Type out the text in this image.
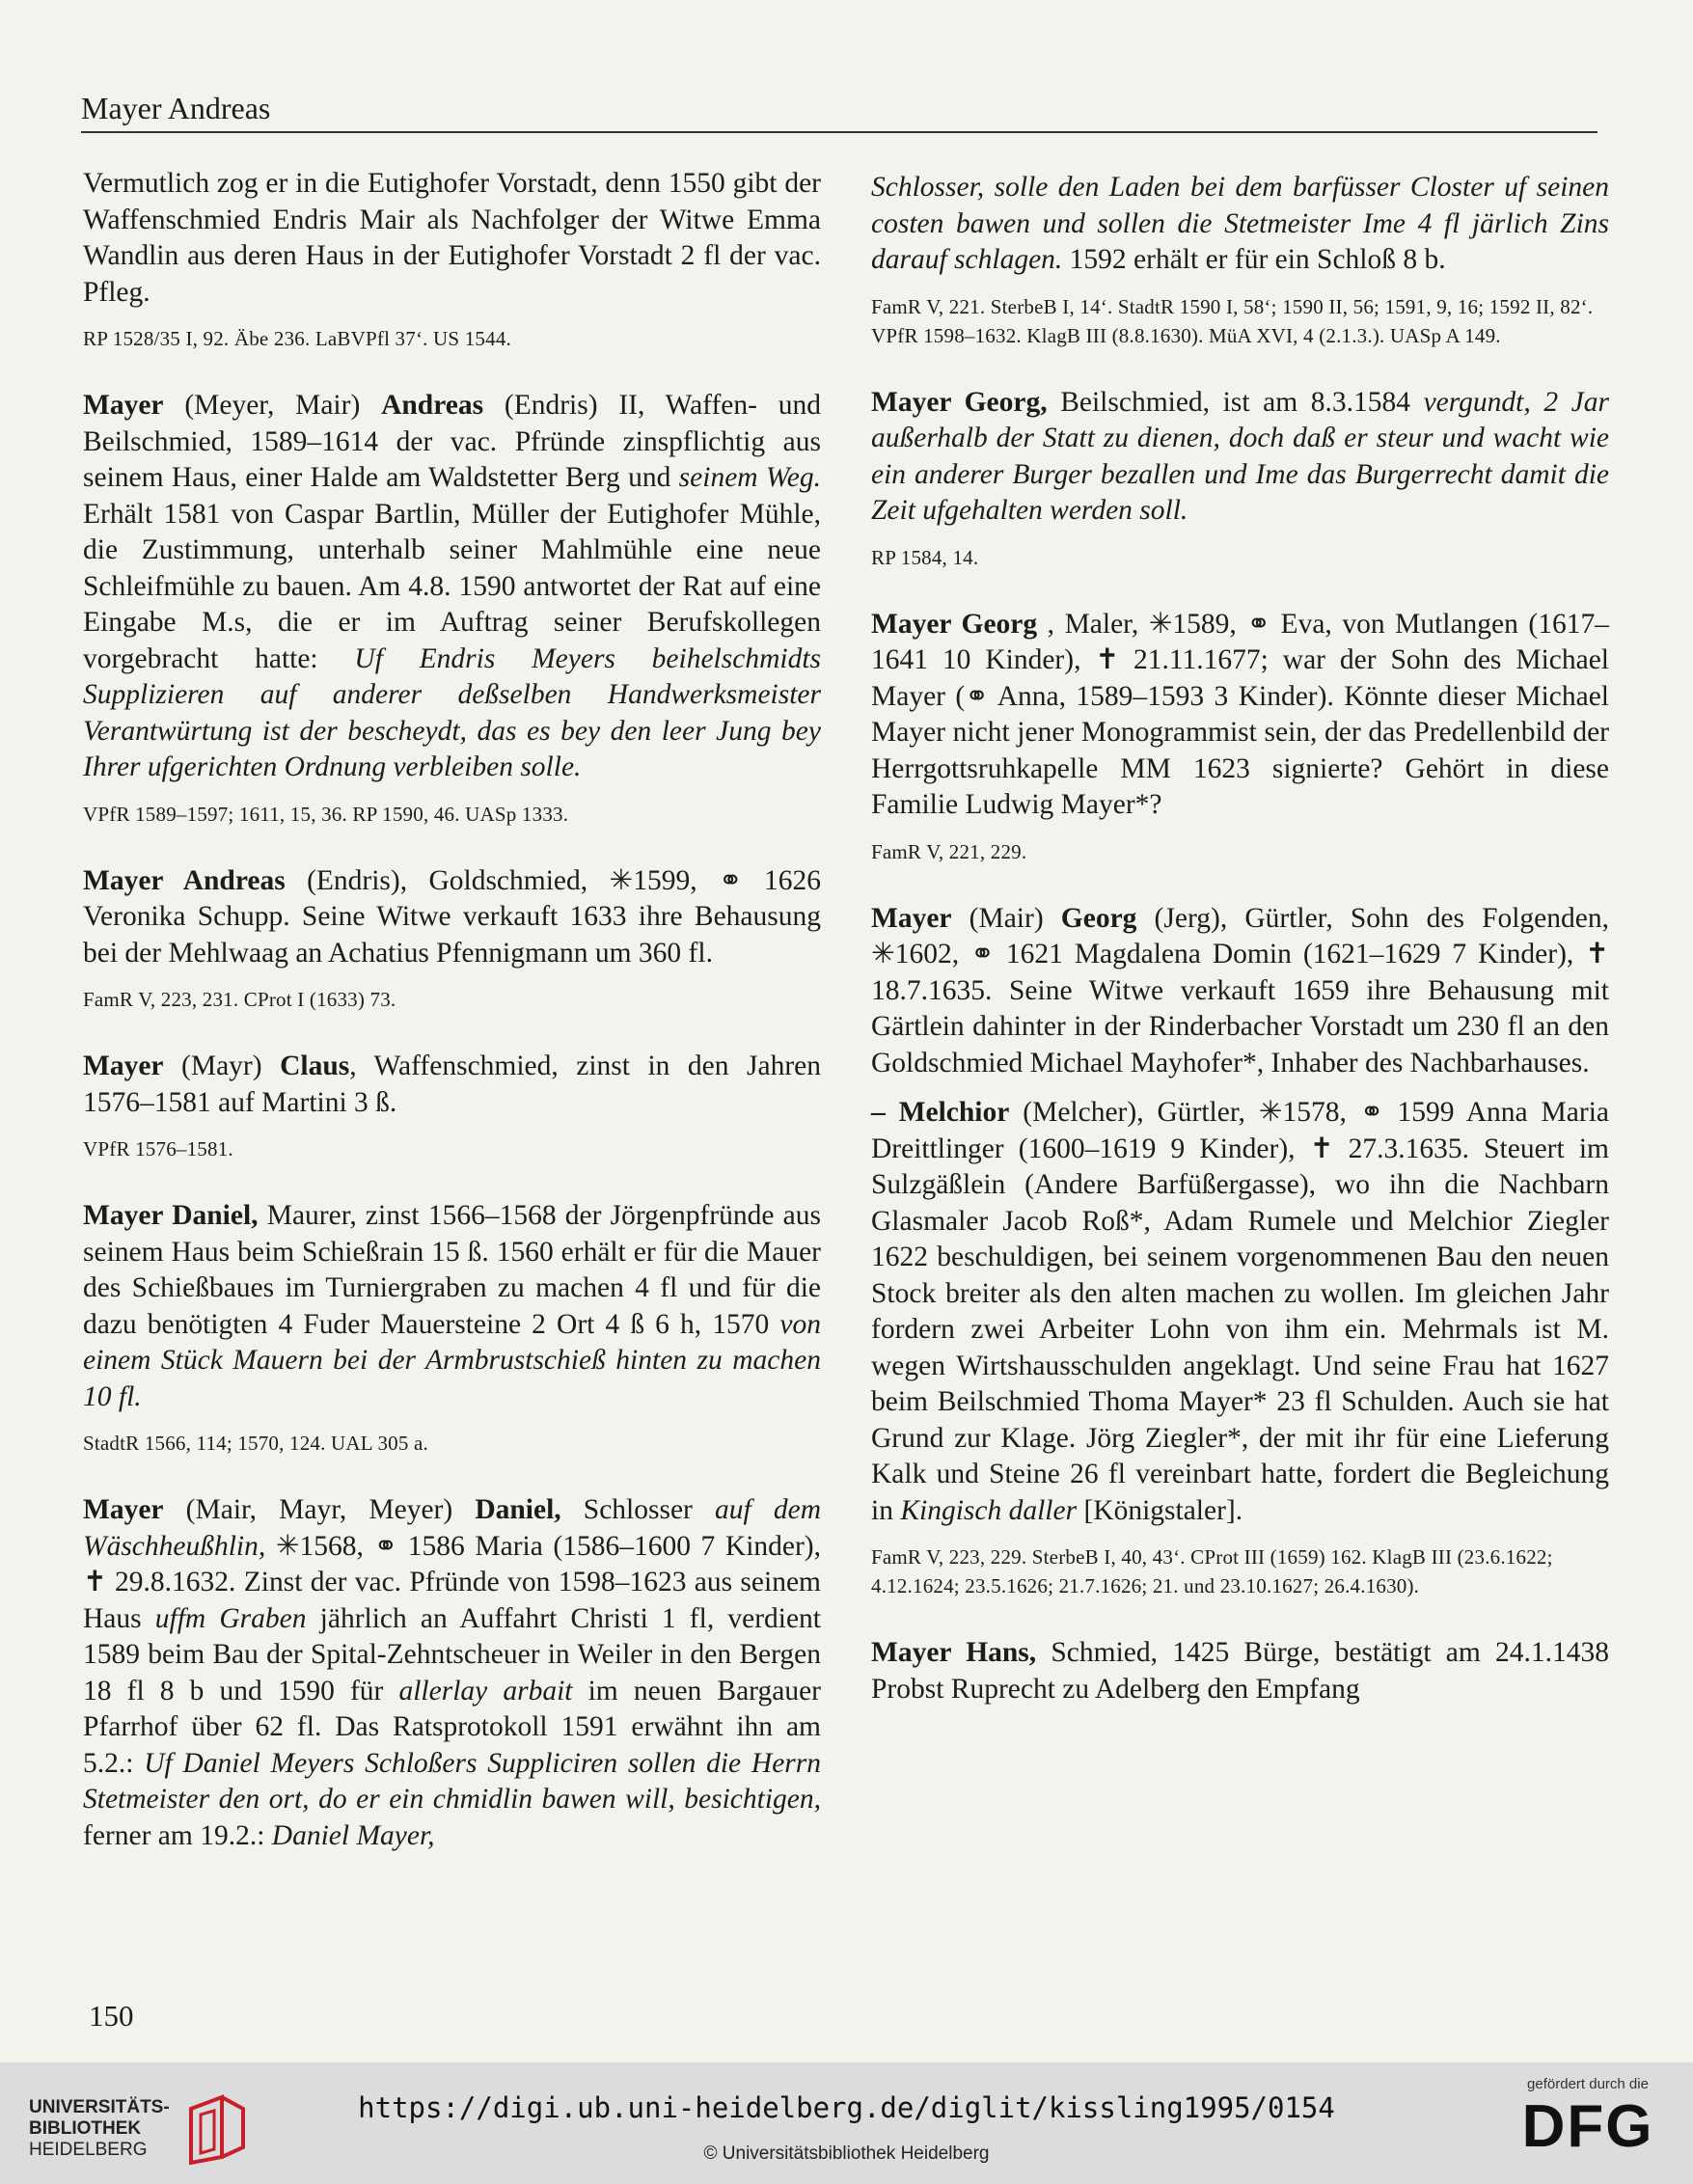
Mayer Andreas

Vermutlich zog er in die Eutighofer Vorstadt, denn 1550 gibt der Waffenschmied Endris Mair als Nachfolger der Witwe Emma Wandlin aus deren Haus in der Eutighofer Vorstadt 2 fl der vac. Pfleg.

RP 1528/35 I, 92. Äbe 236. LaBVPfl 37‘. US 1544.

Mayer (Meyer, Mair) Andreas (Endris) II, Waffen- und Beilschmied, 1589–1614 der vac. Pfründe zinspflichtig aus seinem Haus, einer Halde am Waldstetter Berg und seinem Weg. Erhält 1581 von Caspar Bartlin, Müller der Eutighofer Mühle, die Zustimmung, unterhalb seiner Mahlmühle eine neue Schleifmühle zu bauen. Am 4.8. 1590 antwortet der Rat auf eine Eingabe M.s, die er im Auftrag seiner Berufskollegen vorgebracht hatte: Uf Endris Meyers beihelschmidts Supplizieren auf anderer deßselben Handwerksmeister Verantwürtung ist der bescheydt, das es bey den leer Jung bey Ihrer ufgerichten Ordnung verbleiben solle.

VPfR 1589–1597; 1611, 15, 36. RP 1590, 46. UASp 1333.

Mayer Andreas (Endris), Goldschmied, ✳1599, ⚭ 1626 Veronika Schupp. Seine Witwe verkauft 1633 ihre Behausung bei der Mehlwaag an Achatius Pfennigmann um 360 fl.

FamR V, 223, 231. CProt I (1633) 73.

Mayer (Mayr) Claus, Waffenschmied, zinst in den Jahren 1576–1581 auf Martini 3 ß.

VPfR 1576–1581.

Mayer Daniel, Maurer, zinst 1566–1568 der Jörgenpfründe aus seinem Haus beim Schießrain 15 ß. 1560 erhält er für die Mauer des Schießbaues im Turniergraben zu machen 4 fl und für die dazu benötigten 4 Fuder Mauersteine 2 Ort 4 ß 6 h, 1570 von einem Stück Mauern bei der Armbrustschieß hinten zu machen 10 fl.

StadtR 1566, 114; 1570, 124. UAL 305 a.

Mayer (Mair, Mayr, Meyer) Daniel, Schlosser auf dem Wäschheußhlin, ✳1568, ⚭ 1586 Maria (1586–1600 7 Kinder), ✝ 29.8.1632. Zinst der vac. Pfründe von 1598–1623 aus seinem Haus uffm Graben jährlich an Auffahrt Christi 1 fl, verdient 1589 beim Bau der Spital-Zehntscheuer in Weiler in den Bergen 18 fl 8 b und 1590 für allerlay arbait im neuen Bargauer Pfarrhof über 62 fl. Das Ratsprotokoll 1591 erwähnt ihn am 5.2.: Uf Daniel Meyers Schloßers Suppliciren sollen die Herrn Stetmeister den ort, do er ein chmidlin bawen will, besichtigen, ferner am 19.2.: Daniel Mayer,

Schlosser, solle den Laden bei dem barfüsser Closter uf seinen costen bawen und sollen die Stetmeister Ime 4 fl järlich Zins darauf schlagen. 1592 erhält er für ein Schloß 8 b.

FamR V, 221. SterbeB I, 14‘. StadtR 1590 I, 58‘; 1590 II, 56; 1591, 9, 16; 1592 II, 82‘. VPfR 1598–1632. KlagB III (8.8.1630). MüA XVI, 4 (2.1.3.). UASp A 149.

Mayer Georg, Beilschmied, ist am 8.3.1584 vergundt, 2 Jar außerhalb der Statt zu dienen, doch daß er steur und wacht wie ein anderer Burger bezallen und Ime das Burgerrecht damit die Zeit ufgehalten werden soll.

RP 1584, 14.

Mayer Georg , Maler, ✳1589, ⚭ Eva, von Mutlangen (1617–1641 10 Kinder), ✝ 21.11.1677; war der Sohn des Michael Mayer (⚭ Anna, 1589–1593 3 Kinder). Könnte dieser Michael Mayer nicht jener Monogrammist sein, der das Predellenbild der Herrgottsruhkapelle MM 1623 signierte? Gehört in diese Familie Ludwig Mayer*?

FamR V, 221, 229.

Mayer (Mair) Georg (Jerg), Gürtler, Sohn des Folgenden, ✳1602, ⚭ 1621 Magdalena Domin (1621–1629 7 Kinder), ✝ 18.7.1635. Seine Witwe verkauft 1659 ihre Behausung mit Gärtlein dahinter in der Rinderbacher Vorstadt um 230 fl an den Goldschmied Michael Mayhofer*, Inhaber des Nachbarhauses.

– Melchior (Melcher), Gürtler, ✳1578, ⚭ 1599 Anna Maria Dreittlinger (1600–1619 9 Kinder), ✝ 27.3.1635. Steuert im Sulzgäßlein (Andere Barfüßergasse), wo ihn die Nachbarn Glasmaler Jacob Roß*, Adam Rumele und Melchior Ziegler 1622 beschuldigen, bei seinem vorgenommenen Bau den neuen Stock breiter als den alten machen zu wollen. Im gleichen Jahr fordern zwei Arbeiter Lohn von ihm ein. Mehrmals ist M. wegen Wirtshausschulden angeklagt. Und seine Frau hat 1627 beim Beilschmied Thoma Mayer* 23 fl Schulden. Auch sie hat Grund zur Klage. Jörg Ziegler*, der mit ihr für eine Lieferung Kalk und Steine 26 fl vereinbart hatte, fordert die Begleichung in Kingisch daller [Königstaler].

FamR V, 223, 229. SterbeB I, 40, 43‘. CProt III (1659) 162. KlagB III (23.6.1622; 4.12.1624; 23.5.1626; 21.7.1626; 21. und 23.10.1627; 26.4.1630).

Mayer Hans, Schmied, 1425 Bürge, bestätigt am 24.1.1438 Probst Ruprecht zu Adelberg den Empfang

150
UNIVERSITÄTS-
BIBLIOTHEK
HEIDELBERG
https://digi.ub.uni-heidelberg.de/diglit/kissling1995/0154
© Universitätsbibliothek Heidelberg
gefördert durch die
DFG
